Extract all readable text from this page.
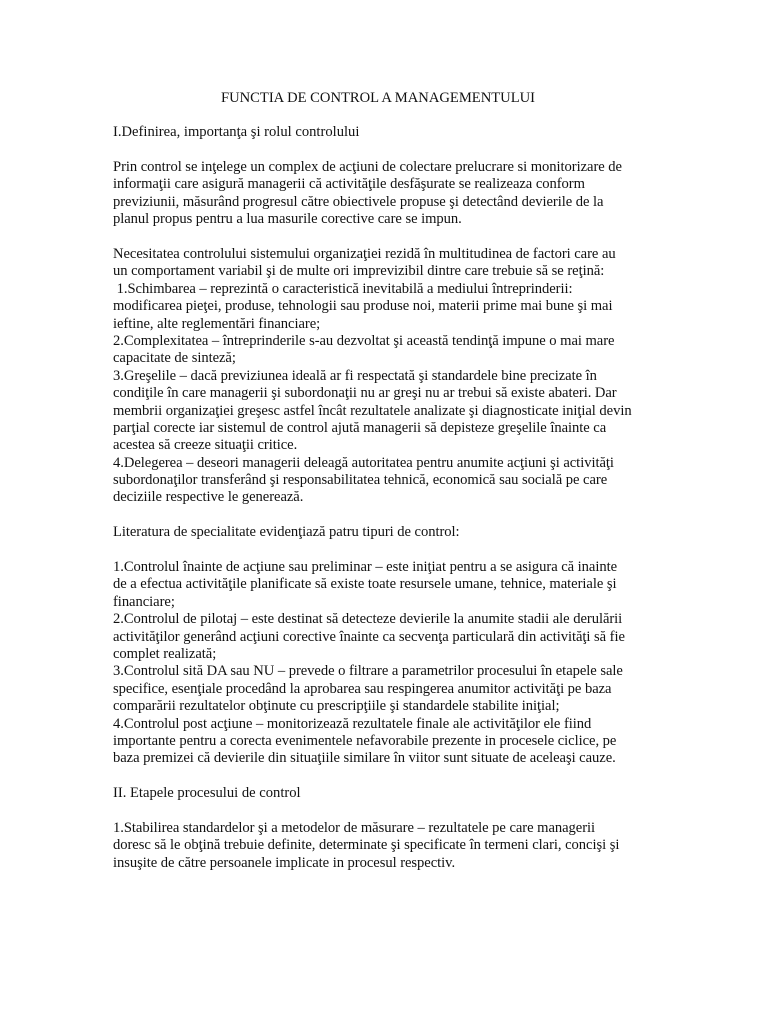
FUNCTIA DE CONTROL A MANAGEMENTULUI
I.Definirea, importanţa şi rolul controlului
Prin control se inţelege un complex de acţiuni de colectare prelucrare si monitorizare de
informaţii care asigură managerii că activităţile desfăşurate se realizeaza conform
previziunii, măsurând progresul către obiectivele propuse şi detectând devierile de la
planul propus pentru a lua masurile corective care se impun.
Necesitatea controlului sistemului organizaţiei rezidă în multitudinea de factori care au
un comportament variabil şi de multe ori imprevizibil dintre care trebuie să se reţină:
1.Schimbarea – reprezintă o caracteristică inevitabilă a mediului întreprinderii:
modificarea pieţei, produse, tehnologii sau produse noi, materii prime mai bune şi mai
ieftine, alte reglementări financiare;
2.Complexitatea – întreprinderile s-au dezvoltat şi această tendinţă impune o mai mare
capacitate de sinteză;
3.Greşelile – dacă previziunea ideală ar fi respectată şi standardele bine precizate în
condiţile în care managerii şi subordonaţii nu ar greşi nu ar trebui să existe abateri. Dar
membrii organizaţiei greşesc astfel încât rezultatele analizate şi diagnosticate iniţial devin
parţial corecte iar sistemul de control ajută managerii să depisteze greşelile înainte ca
acestea să creeze situaţii critice.
4.Delegerea – deseori managerii deleagă autoritatea pentru anumite acţiuni şi activităţi
subordonaţilor transferând şi responsabilitatea tehnică, economică sau socială pe care
deciziile respective le generează.
Literatura de specialitate evidenţiază patru tipuri de control:
1.Controlul înainte de acţiune sau preliminar – este iniţiat pentru a se asigura că inainte
de a efectua activităţile planificate să existe toate resursele umane, tehnice, materiale şi
financiare;
2.Controlul de pilotaj – este destinat să detecteze devierile la anumite stadii ale derulării
activităţilor generând acţiuni corective înainte ca secvenţa particulară din activităţi să fie
complet realizată;
3.Controlul sită DA sau NU – prevede o filtrare a parametrilor procesului în etapele sale
specifice, esenţiale procedând la aprobarea sau respingerea anumitor activităţi pe baza
comparării rezultatelor obţinute cu prescripţiile şi standardele stabilite iniţial;
4.Controlul post acţiune – monitorizează rezultatele finale ale activităţilor ele fiind
importante pentru a corecta evenimentele nefavorabile prezente in procesele ciclice, pe
baza premizei că devierile din situaţiile similare în viitor sunt situate de aceleaşi cauze.
II. Etapele procesului de control
1.Stabilirea standardelor şi a metodelor de măsurare – rezultatele pe care managerii
doresc să le obţină trebuie definite, determinate şi specificate în termeni clari, concişi şi
insuşite de către persoanele implicate in procesul respectiv.
